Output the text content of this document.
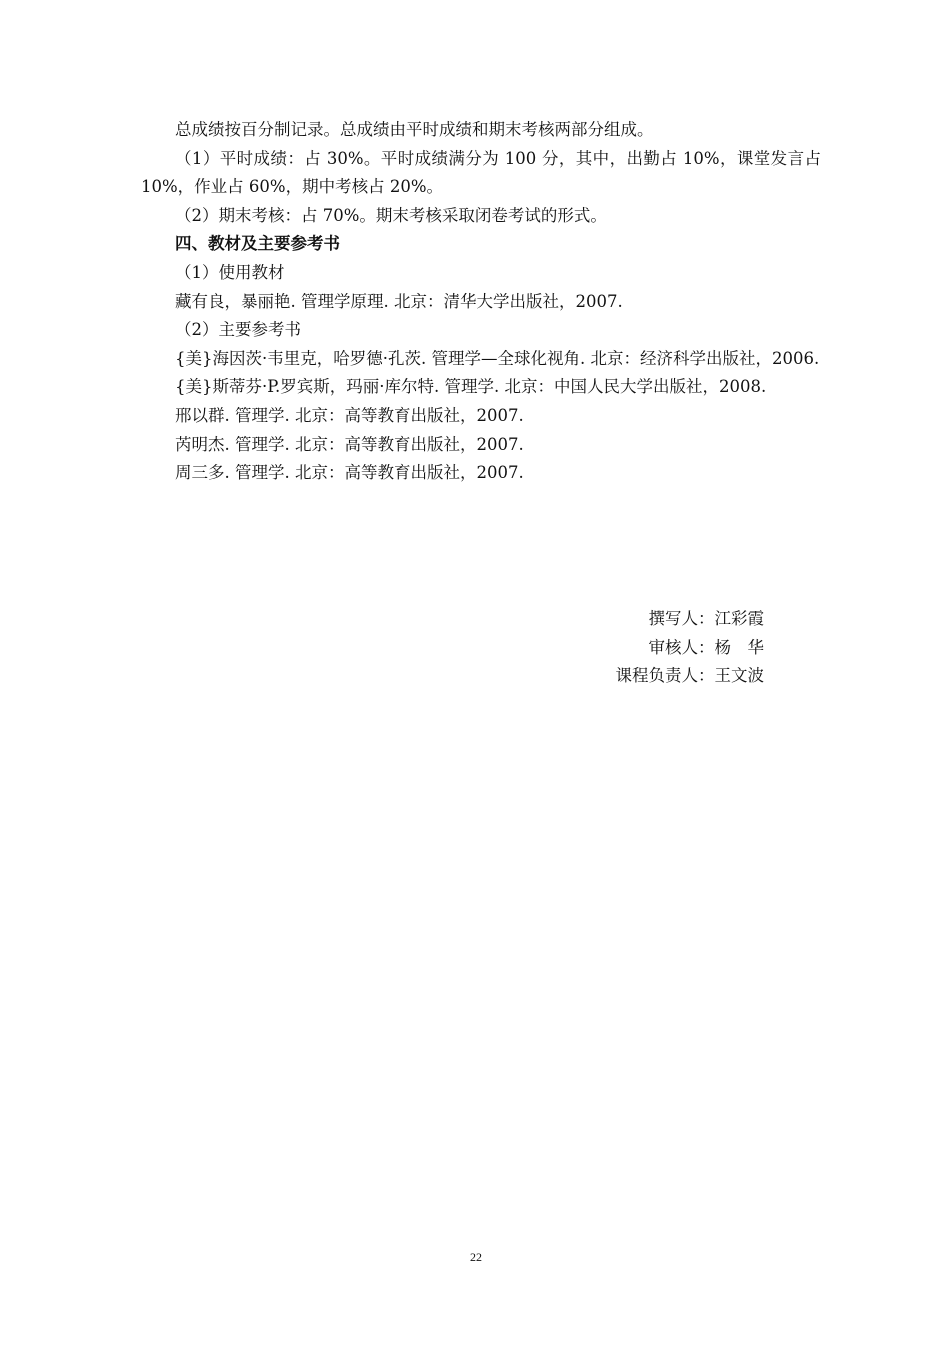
总成绩按百分制记录。总成绩由平时成绩和期末考核两部分组成。

（1）平时成绩：占 30%。平时成绩满分为 100 分，其中，出勤占 10%，课堂发言占 10%，作业占 60%，期中考核占 20%。

（2）期末考核：占 70%。期末考核采取闭卷考试的形式。

四、教材及主要参考书

（1）使用教材

藏有良，暴丽艳. 管理学原理. 北京：清华大学出版社，2007.

（2）主要参考书

{美}海因茨·韦里克，哈罗德·孔茨. 管理学—全球化视角. 北京：经济科学出版社，2006.

{美}斯蒂芬·P.罗宾斯，玛丽·库尔特. 管理学. 北京：中国人民大学出版社，2008.

邢以群. 管理学. 北京：高等教育出版社，2007.

芮明杰. 管理学. 北京：高等教育出版社，2007.

周三多. 管理学. 北京：高等教育出版社，2007.

撰写人：江彩霞
审核人：杨　华
课程负责人：王文波
22
